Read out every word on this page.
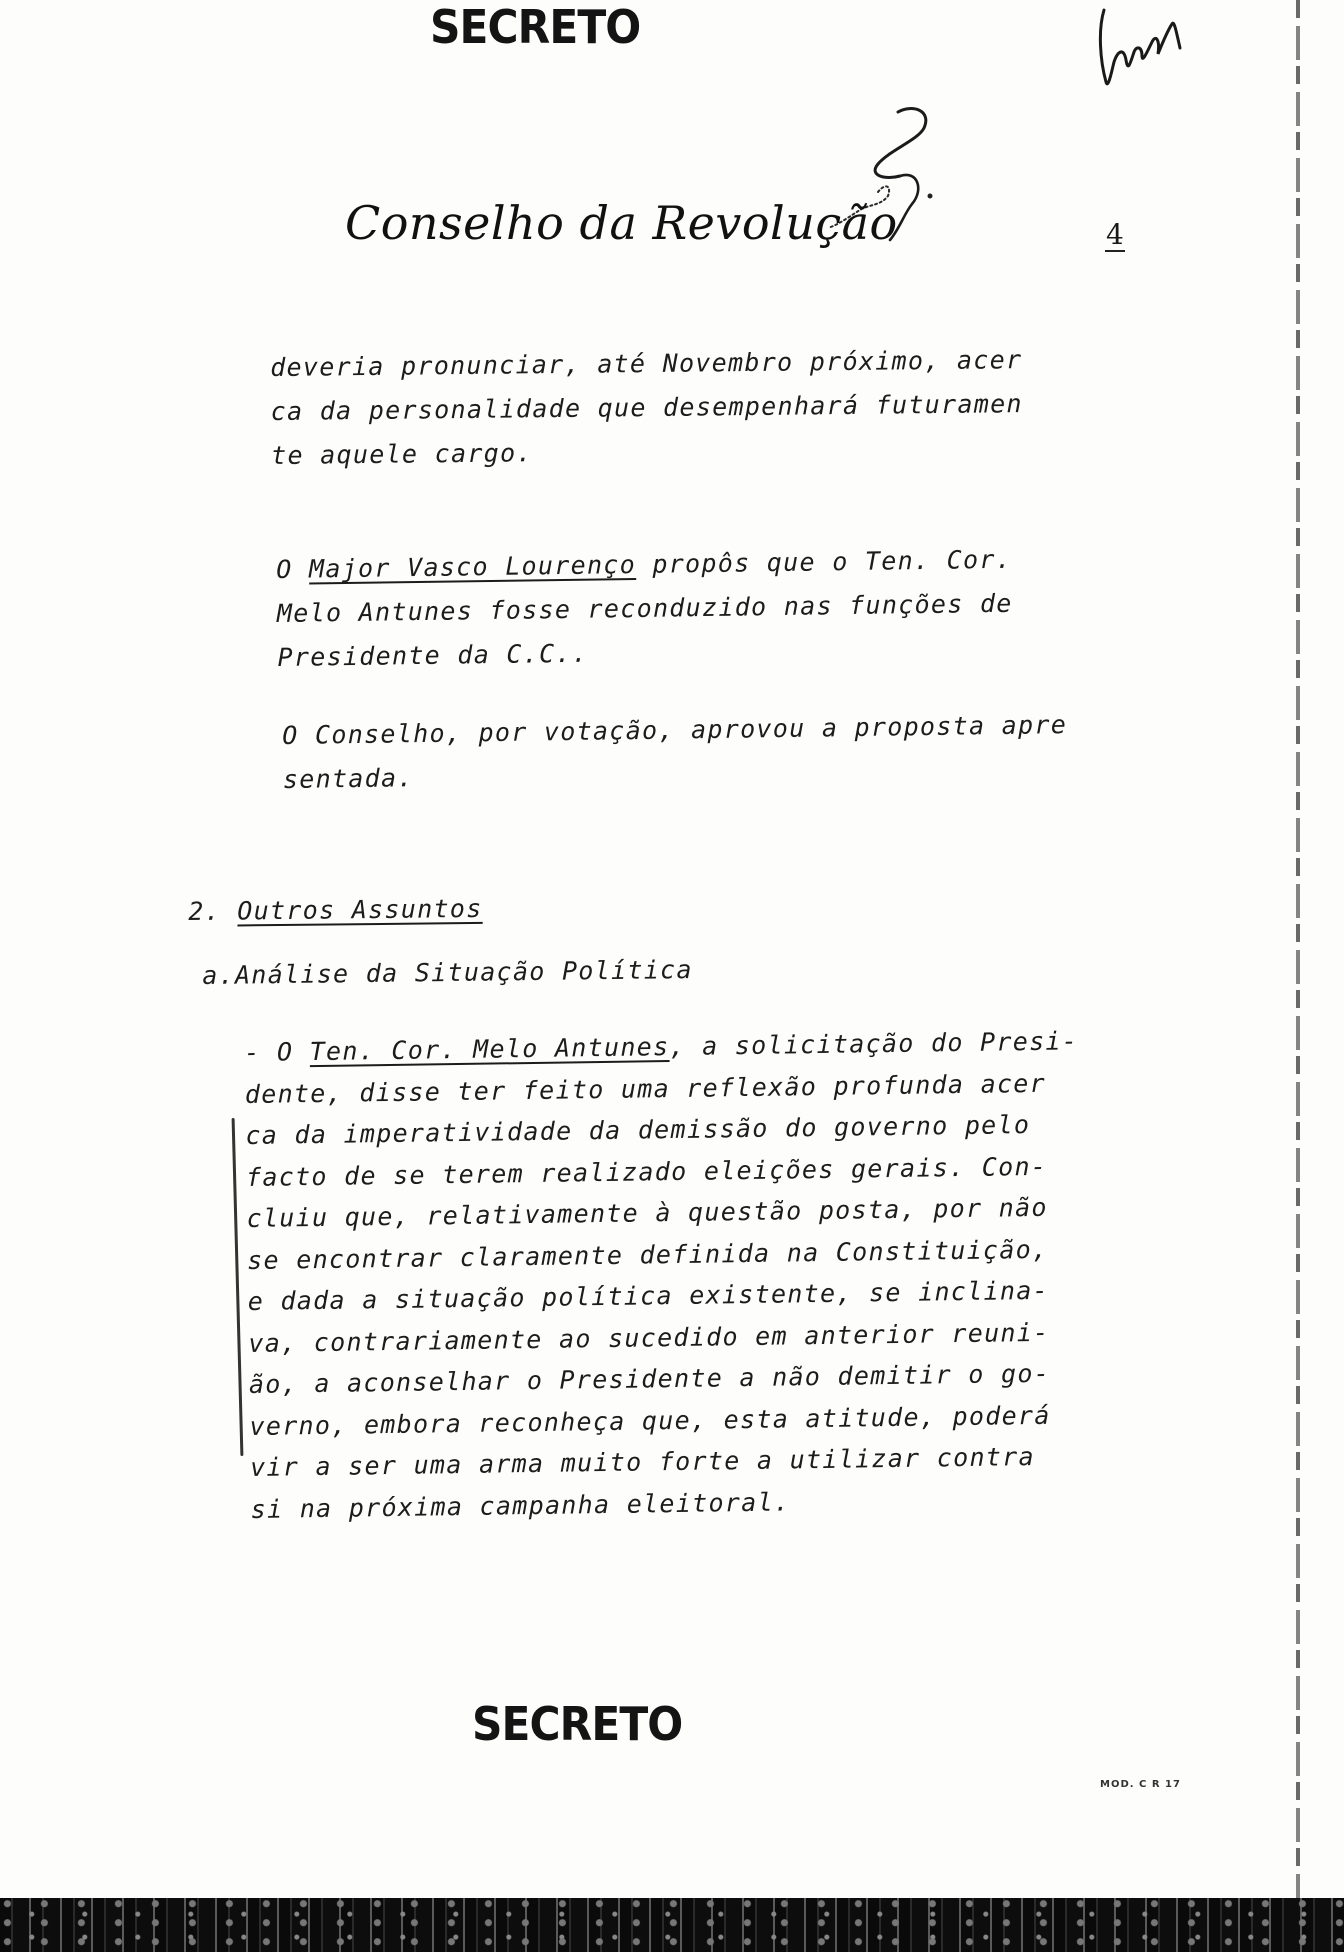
SECRETO
Conselho da Revolução	4
deveria pronunciar, até Novembro próximo, acer
ca da personalidade que desempenhará futuramen
te aquele cargo.
O Major Vasco Lourenço propôs que o Ten. Cor.
Melo Antunes fosse reconduzido nas funções de
Presidente da C.C..
O Conselho, por votação, aprovou a proposta apre
sentada.
2. Outros Assuntos
a.Análise da Situação Política
- O Ten. Cor. Melo Antunes, a solicitação do Presi-
dente, disse ter feito uma reflexão profunda acer
ca da imperatividade da demissão do governo pelo
facto de se terem realizado eleições gerais. Con-
cluiu que, relativamente à questão posta, por não
se encontrar claramente definida na Constituição,
e dada a situação política existente, se inclina-
va, contrariamente ao sucedido em anterior reuni-
ão, a aconselhar o Presidente a não demitir o go-
verno, embora reconheça que, esta atitude, poderá
vir a ser uma arma muito forte a utilizar contra
si na próxima campanha eleitoral.
SECRETO
MOD. C R 17
